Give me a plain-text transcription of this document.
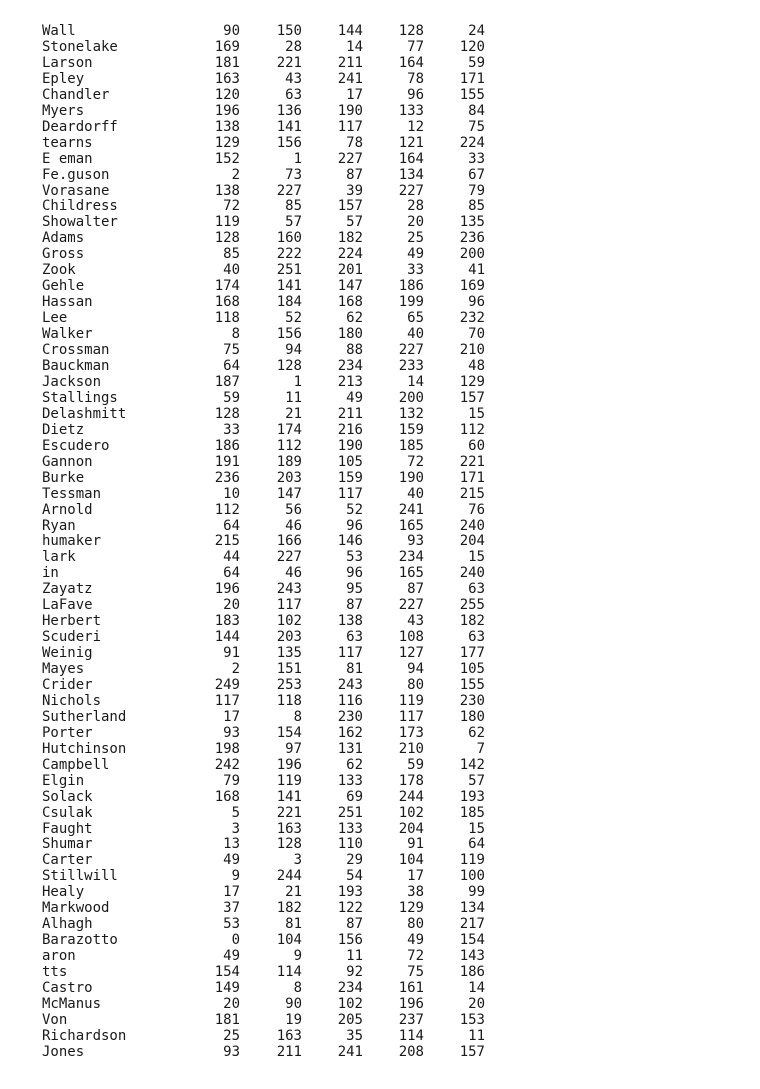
Wall	90	150	144	128	24
Stonelake	169	28	14	77	120
Larson	181	221	211	164	59
Epley	163	43	241	78	171
Chandler	120	63	17	96	155
Myers	196	136	190	133	84
Deardorff	138	141	117	12	75
tearns	129	156	78	121	224
E eman	152	1	227	164	33
Fe.guson	2	73	87	134	67
Vorasane	138	227	39	227	79
Childress	72	85	157	28	85
Showalter	119	57	57	20	135
Adams	128	160	182	25	236
Gross	85	222	224	49	200
Zook	40	251	201	33	41
Gehle	174	141	147	186	169
Hassan	168	184	168	199	96
Lee	118	52	62	65	232
Walker	8	156	180	40	70
Crossman	75	94	88	227	210
Bauckman	64	128	234	233	48
Jackson	187	1	213	14	129
Stallings	59	11	49	200	157
Delashmitt	128	21	211	132	15
Dietz	33	174	216	159	112
Escudero	186	112	190	185	60
Gannon	191	189	105	72	221
Burke	236	203	159	190	171
Tessman	10	147	117	40	215
Arnold	112	56	52	241	76
Ryan	64	46	96	165	240
humaker	215	166	146	93	204
lark	44	227	53	234	15
in	64	46	96	165	240
Zayatz	196	243	95	87	63
LaFave	20	117	87	227	255
Herbert	183	102	138	43	182
Scuderi	144	203	63	108	63
Weinig	91	135	117	127	177
Mayes	2	151	81	94	105
Crider	249	253	243	80	155
Nichols	117	118	116	119	230
Sutherland	17	8	230	117	180
Porter	93	154	162	173	62
Hutchinson	198	97	131	210	7
Campbell	242	196	62	59	142
Elgin	79	119	133	178	57
Solack	168	141	69	244	193
Csulak	5	221	251	102	185
Faught	3	163	133	204	15
Shumar	13	128	110	91	64
Carter	49	3	29	104	119
Stillwill	9	244	54	17	100
Healy	17	21	193	38	99
Markwood	37	182	122	129	134
Alhagh	53	81	87	80	217
Barazotto	0	104	156	49	154
aron	49	9	11	72	143
tts	154	114	92	75	186
Castro	149	8	234	161	14
McManus	20	90	102	196	20
Von	181	19	205	237	153
Richardson	25	163	35	114	11
Jones	93	211	241	208	157
